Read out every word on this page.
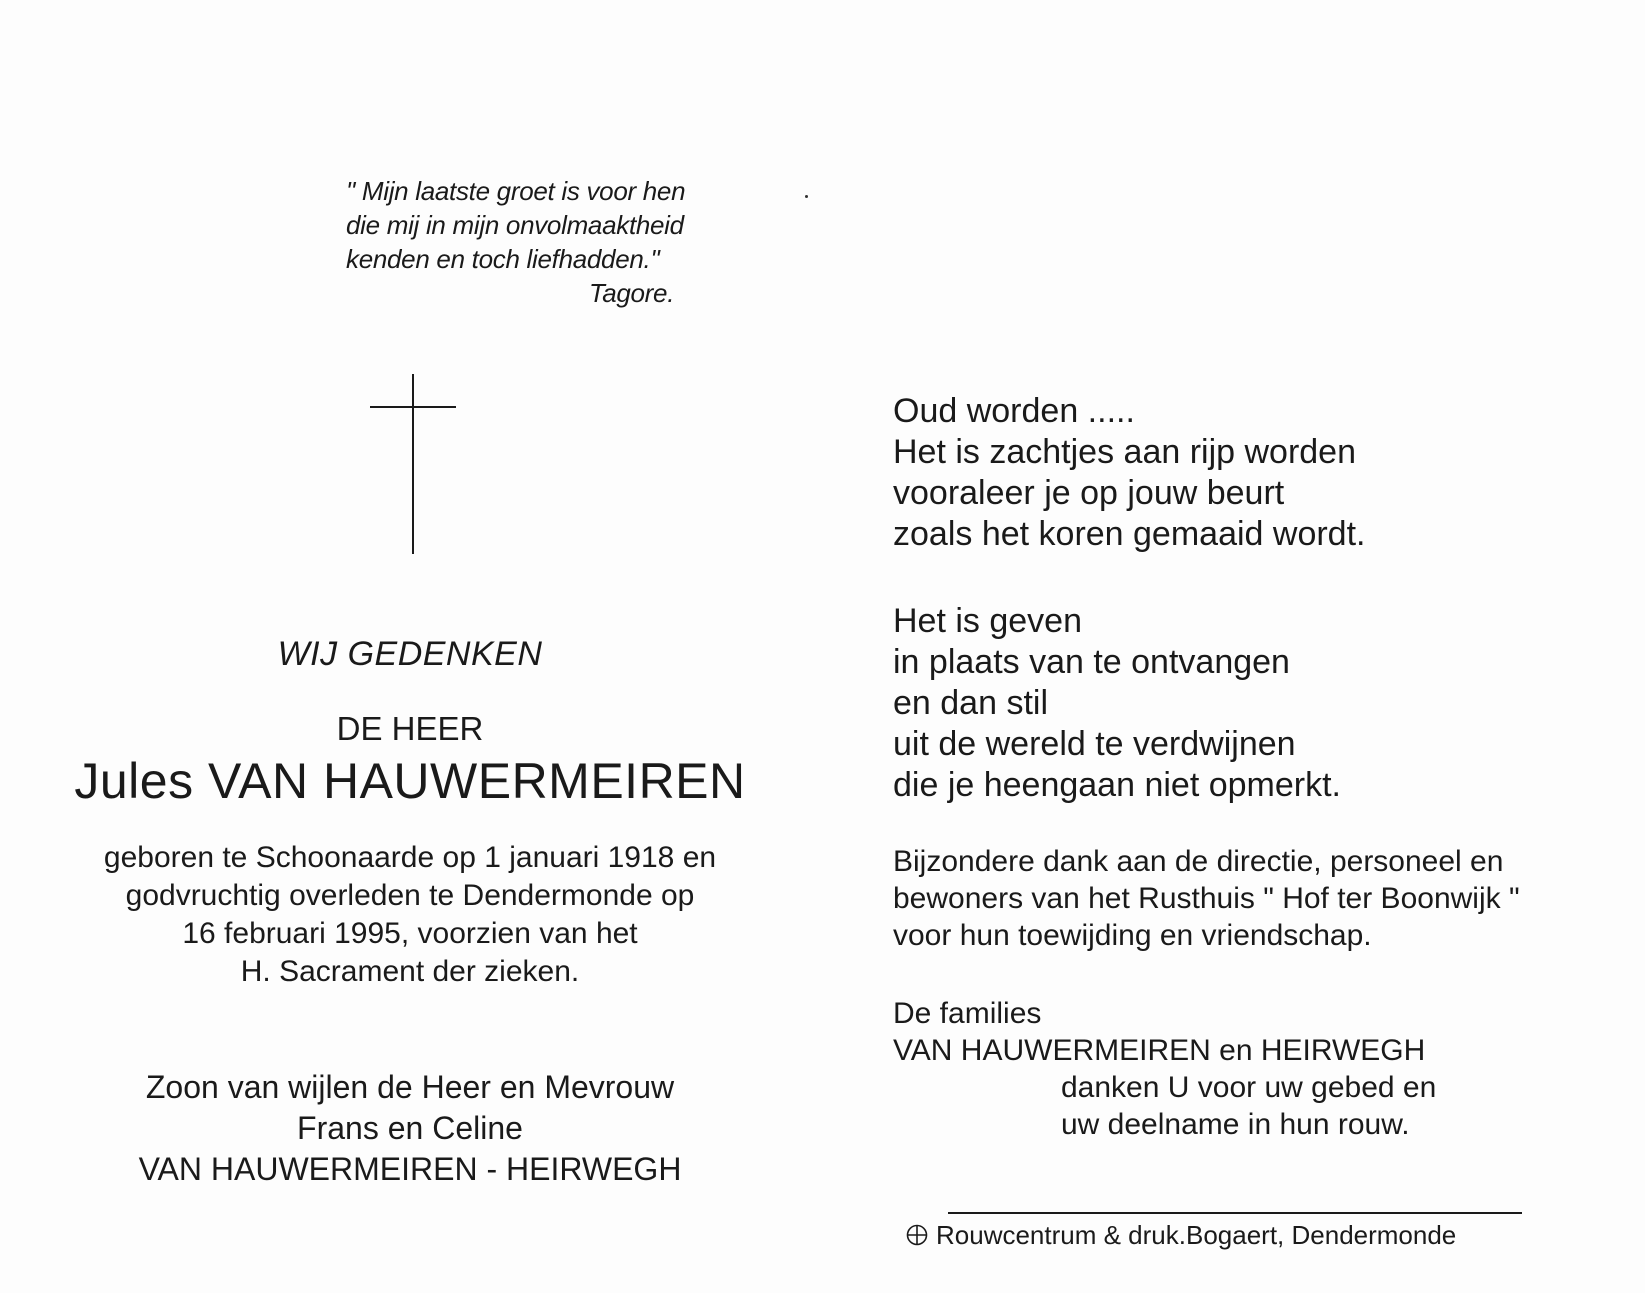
" Mijn laatste groet is voor hen
die mij in mijn onvolmaaktheid
kenden en toch liefhadden."
Tagore.
WIJ GEDENKEN
DE HEER
Jules VAN HAUWERMEIREN
geboren te Schoonaarde op 1 januari 1918 en
godvruchtig overleden te Dendermonde op
16 februari 1995, voorzien van het
H. Sacrament der zieken.
Zoon van wijlen de Heer en Mevrouw
Frans en Celine
VAN HAUWERMEIREN - HEIRWEGH
Oud worden .....
Het is zachtjes aan rijp worden
vooraleer je op jouw beurt
zoals het koren gemaaid wordt.
Het is geven
in plaats van te ontvangen
en dan stil
uit de wereld te verdwijnen
die je heengaan niet opmerkt.
Bijzondere dank aan de directie, personeel en
bewoners van het Rusthuis " Hof ter Boonwijk "
voor hun toewijding en vriendschap.
De families
VAN HAUWERMEIREN en HEIRWEGH
danken U voor uw gebed en
uw deelname in hun rouw.
Rouwcentrum & druk.Bogaert, Dendermonde
